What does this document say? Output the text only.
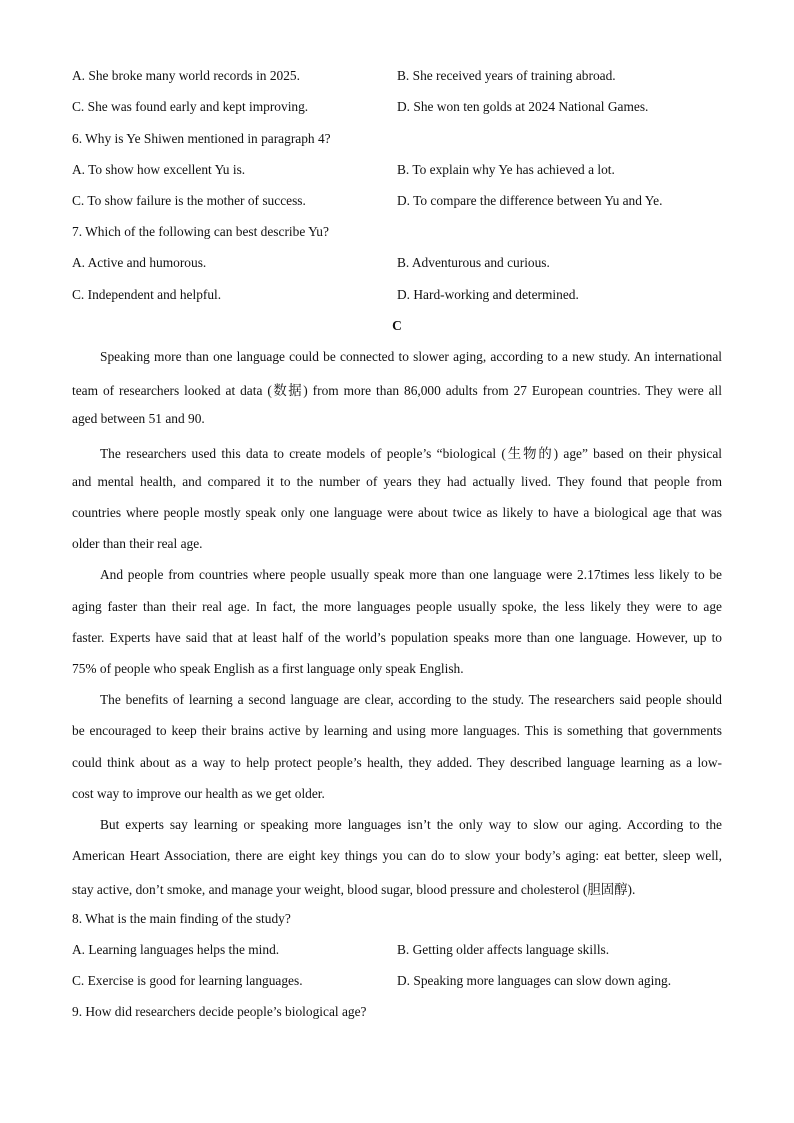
A. She broke many world records in 2025.	B. She received years of training abroad.
C. She was found early and kept improving.	D. She won ten golds at 2024 National Games.
6. Why is Ye Shiwen mentioned in paragraph 4?
A. To show how excellent Yu is.	B. To explain why Ye has achieved a lot.
C. To show failure is the mother of success.	D. To compare the difference between Yu and Ye.
7. Which of the following can best describe Yu?
A. Active and humorous.	B. Adventurous and curious.
C. Independent and helpful.	D. Hard-working and determined.
C
Speaking more than one language could be connected to slower aging, according to a new study. An international
team of researchers looked at data (数据) from more than 86,000 adults from 27 European countries. They were all
aged between 51 and 90.
The researchers used this data to create models of people’s “biological (生物的) age” based on their physical
and mental health, and compared it to the number of years they had actually lived. They found that people from
countries where people mostly speak only one language were about twice as likely to have a biological age that was
older than their real age.
And people from countries where people usually speak more than one language were 2.17times less likely to be
aging faster than their real age. In fact, the more languages people usually spoke, the less likely they were to age
faster. Experts have said that at least half of the world’s population speaks more than one language. However, up to
75% of people who speak English as a first language only speak English.
The benefits of learning a second language are clear, according to the study. The researchers said people should
be encouraged to keep their brains active by learning and using more languages. This is something that governments
could think about as a way to help protect people’s health, they added. They described language learning as a low-
cost way to improve our health as we get older.
But experts say learning or speaking more languages isn’t the only way to slow our aging. According to the
American Heart Association, there are eight key things you can do to slow your body’s aging: eat better, sleep well,
stay active, don’t smoke, and manage your weight, blood sugar, blood pressure and cholesterol (胆固醇).
8. What is the main finding of the study?
A. Learning languages helps the mind.	B. Getting older affects language skills.
C. Exercise is good for learning languages.	D. Speaking more languages can slow down aging.
9. How did researchers decide people’s biological age?
